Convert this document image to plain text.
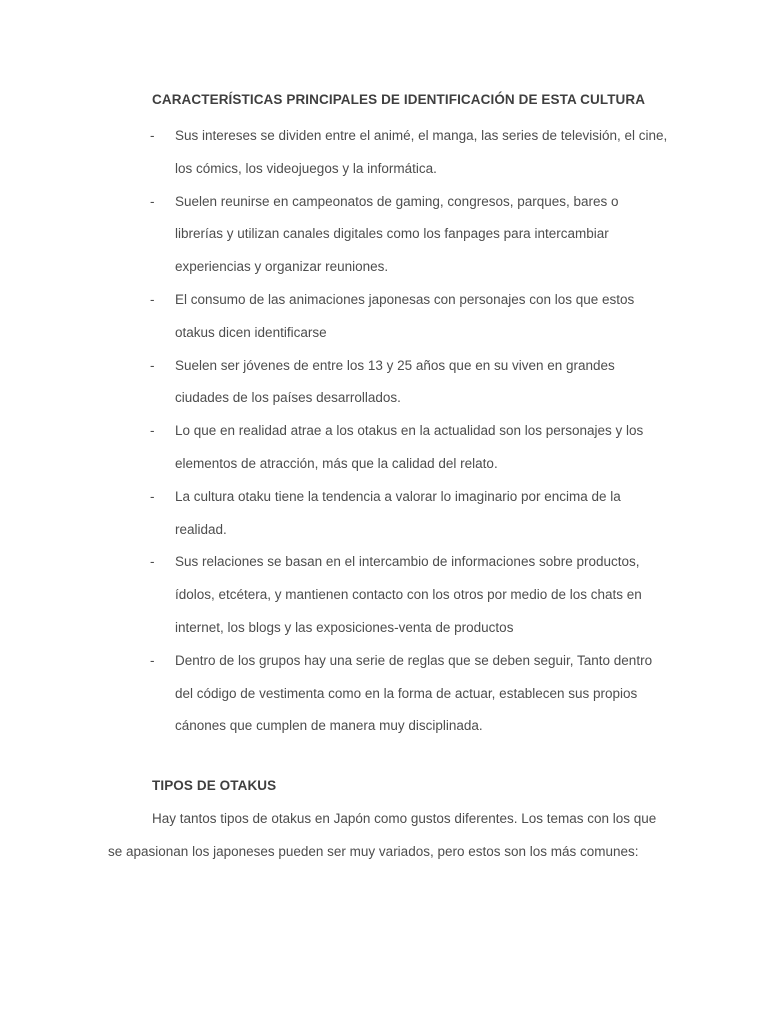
CARACTERÍSTICAS PRINCIPALES DE IDENTIFICACIÓN DE ESTA CULTURA
- Sus intereses se dividen entre el animé, el manga, las series de televisión, el cine, los cómics, los videojuegos y la informática.
- Suelen reunirse en campeonatos de gaming, congresos, parques, bares o librerías y utilizan canales digitales como los fanpages para intercambiar experiencias y organizar reuniones.
- El consumo de las animaciones japonesas con personajes con los que estos otakus dicen identificarse
- Suelen ser jóvenes de entre los 13 y 25 años que en su viven en grandes ciudades de los países desarrollados.
- Lo que en realidad atrae a los otakus en la actualidad son los personajes y los elementos de atracción, más que la calidad del relato.
- La cultura otaku tiene la tendencia a valorar lo imaginario por encima de la realidad.
- Sus relaciones se basan en el intercambio de informaciones sobre productos, ídolos, etcétera, y mantienen contacto con los otros por medio de los chats en internet, los blogs y las exposiciones-venta de productos
- Dentro de los grupos hay una serie de reglas que se deben seguir, Tanto dentro del código de vestimenta como en la forma de actuar, establecen sus propios cánones que cumplen de manera muy disciplinada.
TIPOS DE OTAKUS

Hay tantos tipos de otakus en Japón como gustos diferentes. Los temas con los que se apasionan los japoneses pueden ser muy variados, pero estos son los más comunes:
